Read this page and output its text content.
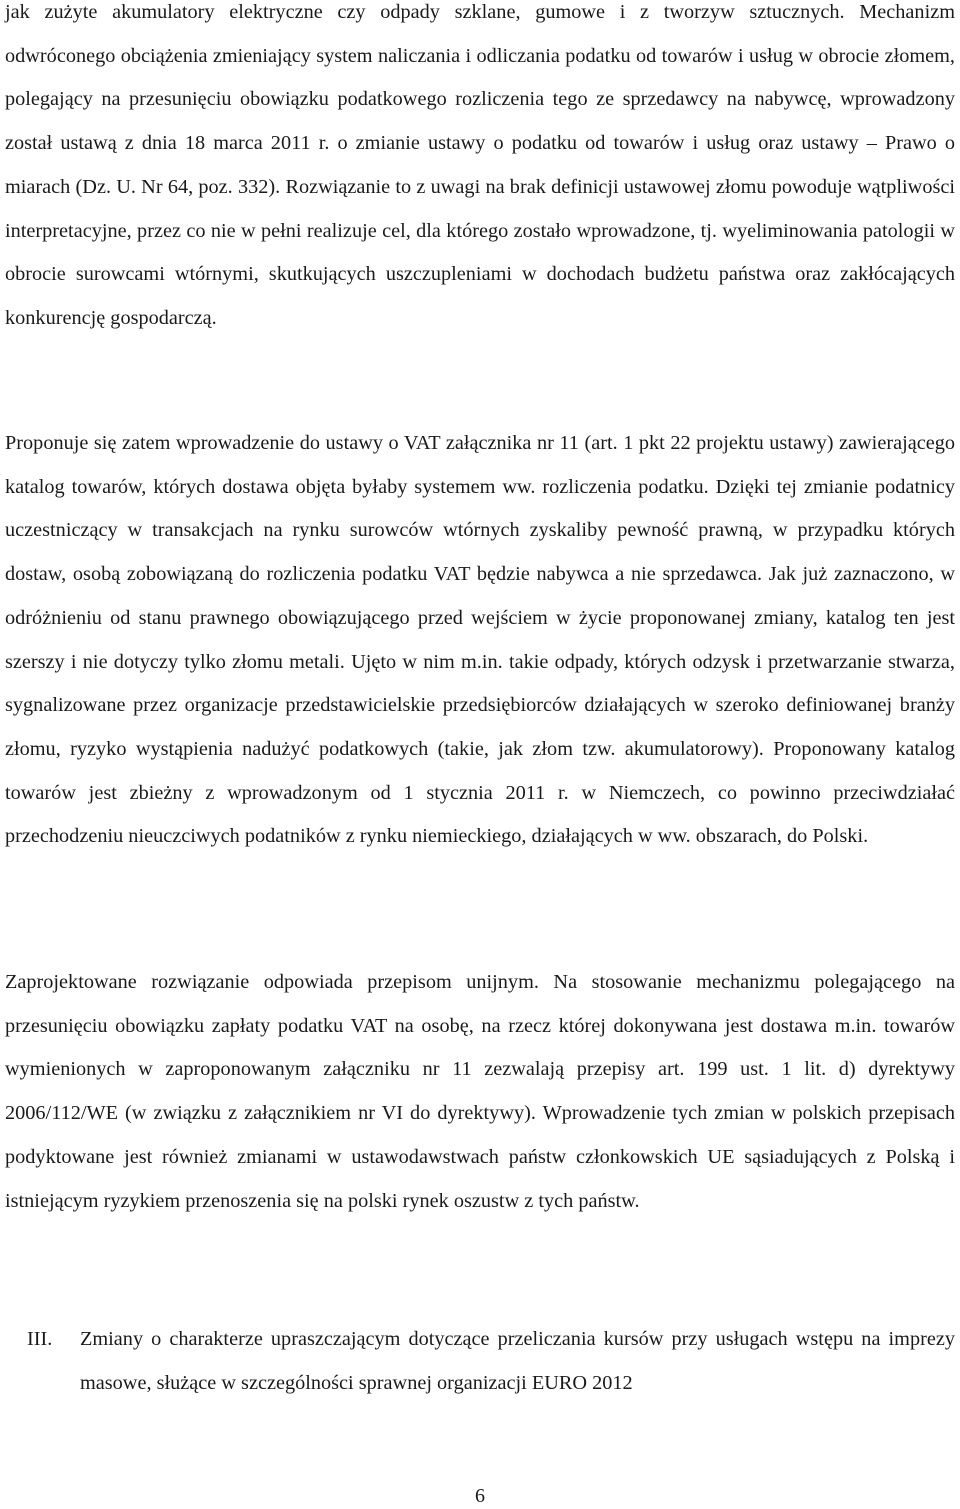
jak zużyte akumulatory elektryczne czy odpady szklane, gumowe i z tworzyw sztucznych. Mechanizm odwróconego obciążenia zmieniający system naliczania i odliczania podatku od towarów i usług w obrocie złomem, polegający na przesunięciu obowiązku podatkowego rozliczenia tego ze sprzedawcy na nabywcę, wprowadzony został ustawą z dnia 18 marca 2011 r. o zmianie ustawy o podatku od towarów i usług oraz ustawy – Prawo o miarach (Dz. U. Nr 64, poz. 332). Rozwiązanie to z uwagi na brak definicji ustawowej złomu powoduje wątpliwości interpretacyjne, przez co nie w pełni realizuje cel, dla którego zostało wprowadzone, tj. wyeliminowania patologii w obrocie surowcami wtórnymi, skutkujących uszczupleniami w dochodach budżetu państwa oraz zakłócających konkurencję gospodarczą.

Proponuje się zatem wprowadzenie do ustawy o VAT załącznika nr 11 (art. 1 pkt 22 projektu ustawy) zawierającego katalog towarów, których dostawa objęta byłaby systemem ww. rozliczenia podatku. Dzięki tej zmianie podatnicy uczestniczący w transakcjach na rynku surowców wtórnych zyskaliby pewność prawną, w przypadku których dostaw, osobą zobowiązaną do rozliczenia podatku VAT będzie nabywca a nie sprzedawca. Jak już zaznaczono, w odróżnieniu od stanu prawnego obowiązującego przed wejściem w życie proponowanej zmiany, katalog ten jest szerszy i nie dotyczy tylko złomu metali. Ujęto w nim m.in. takie odpady, których odzysk i przetwarzanie stwarza, sygnalizowane przez organizacje przedstawicielskie przedsiębiorców działających w szeroko definiowanej branży złomu, ryzyko wystąpienia nadużyć podatkowych (takie, jak złom tzw. akumulatorowy). Proponowany katalog towarów jest zbieżny z wprowadzonym od 1 stycznia 2011 r. w Niemczech, co powinno przeciwdziałać przechodzeniu nieuczciwych podatników z rynku niemieckiego, działających w ww. obszarach, do Polski.

Zaprojektowane rozwiązanie odpowiada przepisom unijnym. Na stosowanie mechanizmu polegającego na przesunięciu obowiązku zapłaty podatku VAT na osobę, na rzecz której dokonywana jest dostawa m.in. towarów wymienionych w zaproponowanym załączniku nr 11 zezwalają przepisy art. 199 ust. 1 lit. d) dyrektywy 2006/112/WE (w związku z załącznikiem nr VI do dyrektywy). Wprowadzenie tych zmian w polskich przepisach podyktowane jest również zmianami w ustawodawstwach państw członkowskich UE sąsiadujących z Polską i istniejącym ryzykiem przenoszenia się na polski rynek oszustw z tych państw.

III. Zmiany o charakterze upraszczającym dotyczące przeliczania kursów przy usługach wstępu na imprezy masowe, służące w szczególności sprawnej organizacji EURO 2012

6
